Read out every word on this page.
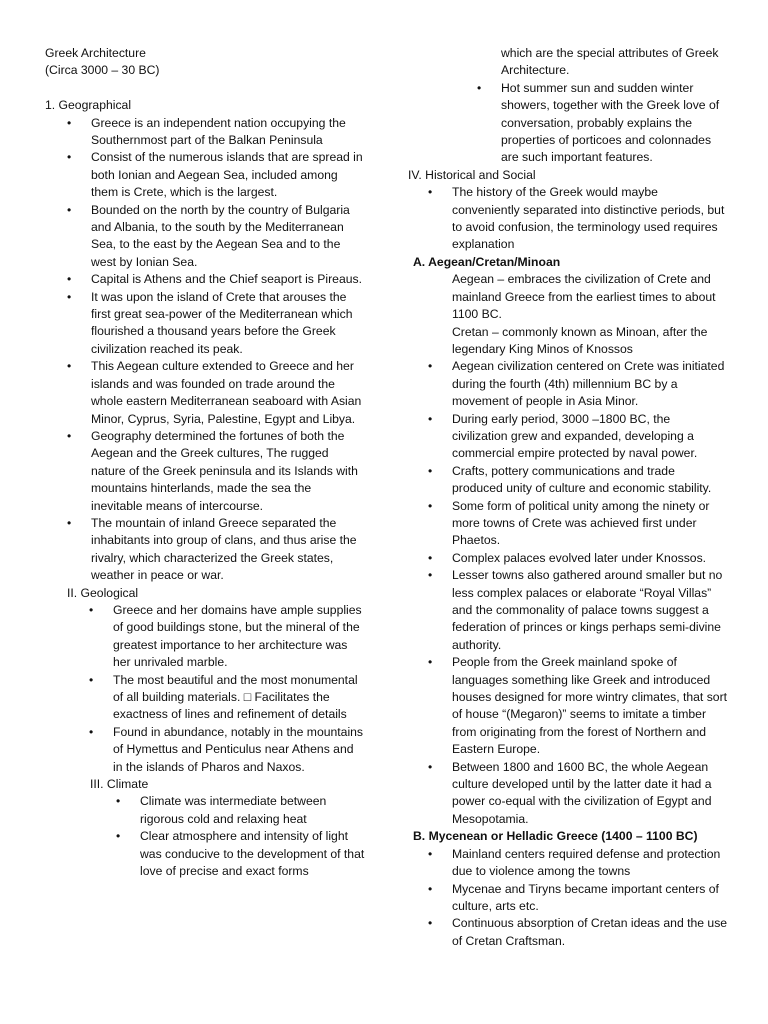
Greek Architecture
(Circa 3000 – 30 BC)
1. Geographical
• Greece is an independent nation occupying the Southernmost part of the Balkan Peninsula
• Consist of the numerous islands that are spread in both Ionian and Aegean Sea, included among them is Crete, which is the largest.
• Bounded on the north by the country of Bulgaria and Albania, to the south by the Mediterranean Sea, to the east by the Aegean Sea and to the west by Ionian Sea.
• Capital is Athens and the Chief seaport is Pireaus.
• It was upon the island of Crete that arouses the first great sea-power of the Mediterranean which flourished a thousand years before the Greek civilization reached its peak.
• This Aegean culture extended to Greece and her islands and was founded on trade around the whole eastern Mediterranean seaboard with Asian Minor, Cyprus, Syria, Palestine, Egypt and Libya.
• Geography determined the fortunes of both the Aegean and the Greek cultures, The rugged nature of the Greek peninsula and its Islands with mountains hinterlands, made the sea the inevitable means of intercourse.
• The mountain of inland Greece separated the inhabitants into group of clans, and thus arise the rivalry, which characterized the Greek states, weather in peace or war.
II. Geological
• Greece and her domains have ample supplies of good buildings stone, but the mineral of the greatest importance to her architecture was her unrivaled marble.
• The most beautiful and the most monumental of all building materials. □ Facilitates the exactness of lines and refinement of details
• Found in abundance, notably in the mountains of Hymettus and Penticulus near Athens and in the islands of Pharos and Naxos.
III. Climate
• Climate was intermediate between rigorous cold and relaxing heat
• Clear atmosphere and intensity of light was conducive to the development of that love of precise and exact forms
which are the special attributes of Greek Architecture.
• Hot summer sun and sudden winter showers, together with the Greek love of conversation, probably explains the properties of porticoes and colonnades are such important features.
IV. Historical and Social
• The history of the Greek would maybe conveniently separated into distinctive periods, but to avoid confusion, the terminology used requires explanation
A. Aegean/Cretan/Minoan
Aegean – embraces the civilization of Crete and mainland Greece from the earliest times to about 1100 BC.
Cretan – commonly known as Minoan, after the legendary King Minos of Knossos
• Aegean civilization centered on Crete was initiated during the fourth (4th) millennium BC by a movement of people in Asia Minor.
• During early period, 3000 –1800 BC, the civilization grew and expanded, developing a commercial empire protected by naval power.
• Crafts, pottery communications and trade produced unity of culture and economic stability.
• Some form of political unity among the ninety or more towns of Crete was achieved first under Phaetos.
• Complex palaces evolved later under Knossos.
• Lesser towns also gathered around smaller but no less complex palaces or elaborate “Royal Villas” and the commonality of palace towns suggest a federation of princes or kings perhaps semi-divine authority.
• People from the Greek mainland spoke of languages something like Greek and introduced houses designed for more wintry climates, that sort of house “(Megaron)” seems to imitate a timber from originating from the forest of Northern and Eastern Europe.
• Between 1800 and 1600 BC, the whole Aegean culture developed until by the latter date it had a power co-equal with the civilization of Egypt and Mesopotamia.
B. Mycenean or Helladic Greece (1400 – 1100 BC)
• Mainland centers required defense and protection due to violence among the towns
• Mycenae and Tiryns became important centers of culture, arts etc.
• Continuous absorption of Cretan ideas and the use of Cretan Craftsman.
